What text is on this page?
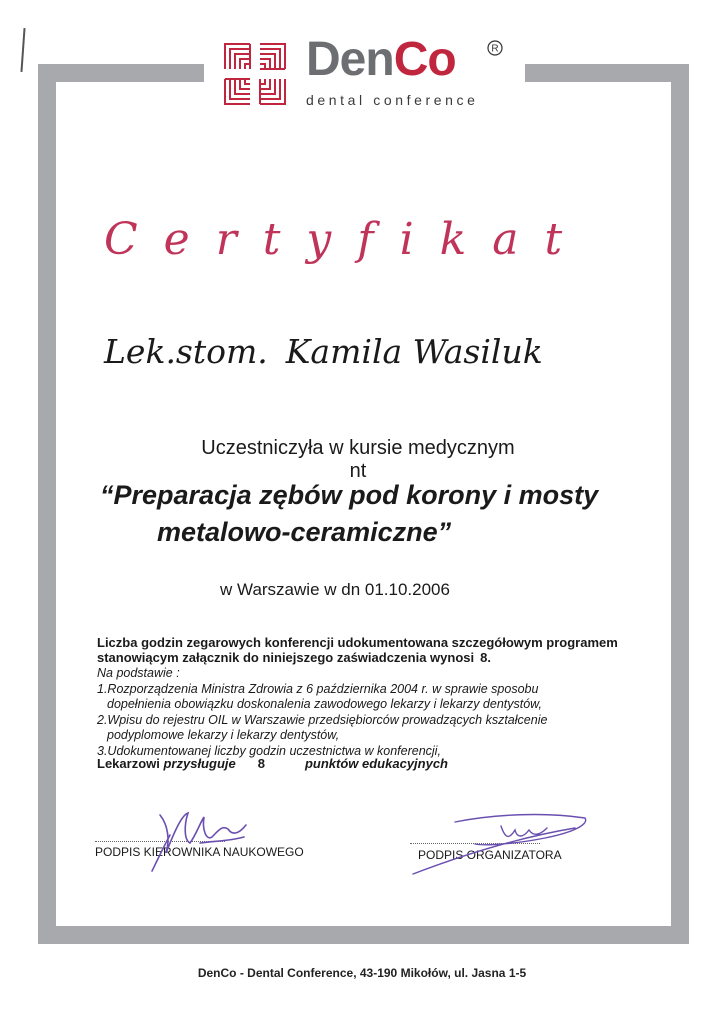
DenCo	R
dental conference
Certyfikat
Lek.stom. Kamila Wasiluk
Uczestniczyła w kursie medycznym
nt
“Preparacja zębów pod korony i mosty
metalowo-ceramiczne”
w Warszawie w dn 01.10.2006
Liczba godzin zegarowych konferencji udokumentowana szczegółowym programem
stanowiącym załącznik do niniejszego zaświadczenia wynosi 8.
Na podstawie :
1.Rozporządzenia Ministra Zdrowia z 6 października 2004 r. w sprawie sposobu
dopełnienia obowiązku doskonalenia zawodowego lekarzy i lekarzy dentystów,
2.Wpisu do rejestru OIL w Warszawie przedsiębiorców prowadzących kształcenie
podyplomowe lekarzy i lekarzy dentystów,
3.Udokumentowanej liczby godzin uczestnictwa w konferencji,
Lekarzowi przysługuje 8	punktów edukacyjnych
PODPIS KIEROWNIKA NAUKOWEGO	PODPIS ORGANIZATORA
DenCo - Dental Conference, 43-190 Mikołów, ul. Jasna 1-5
